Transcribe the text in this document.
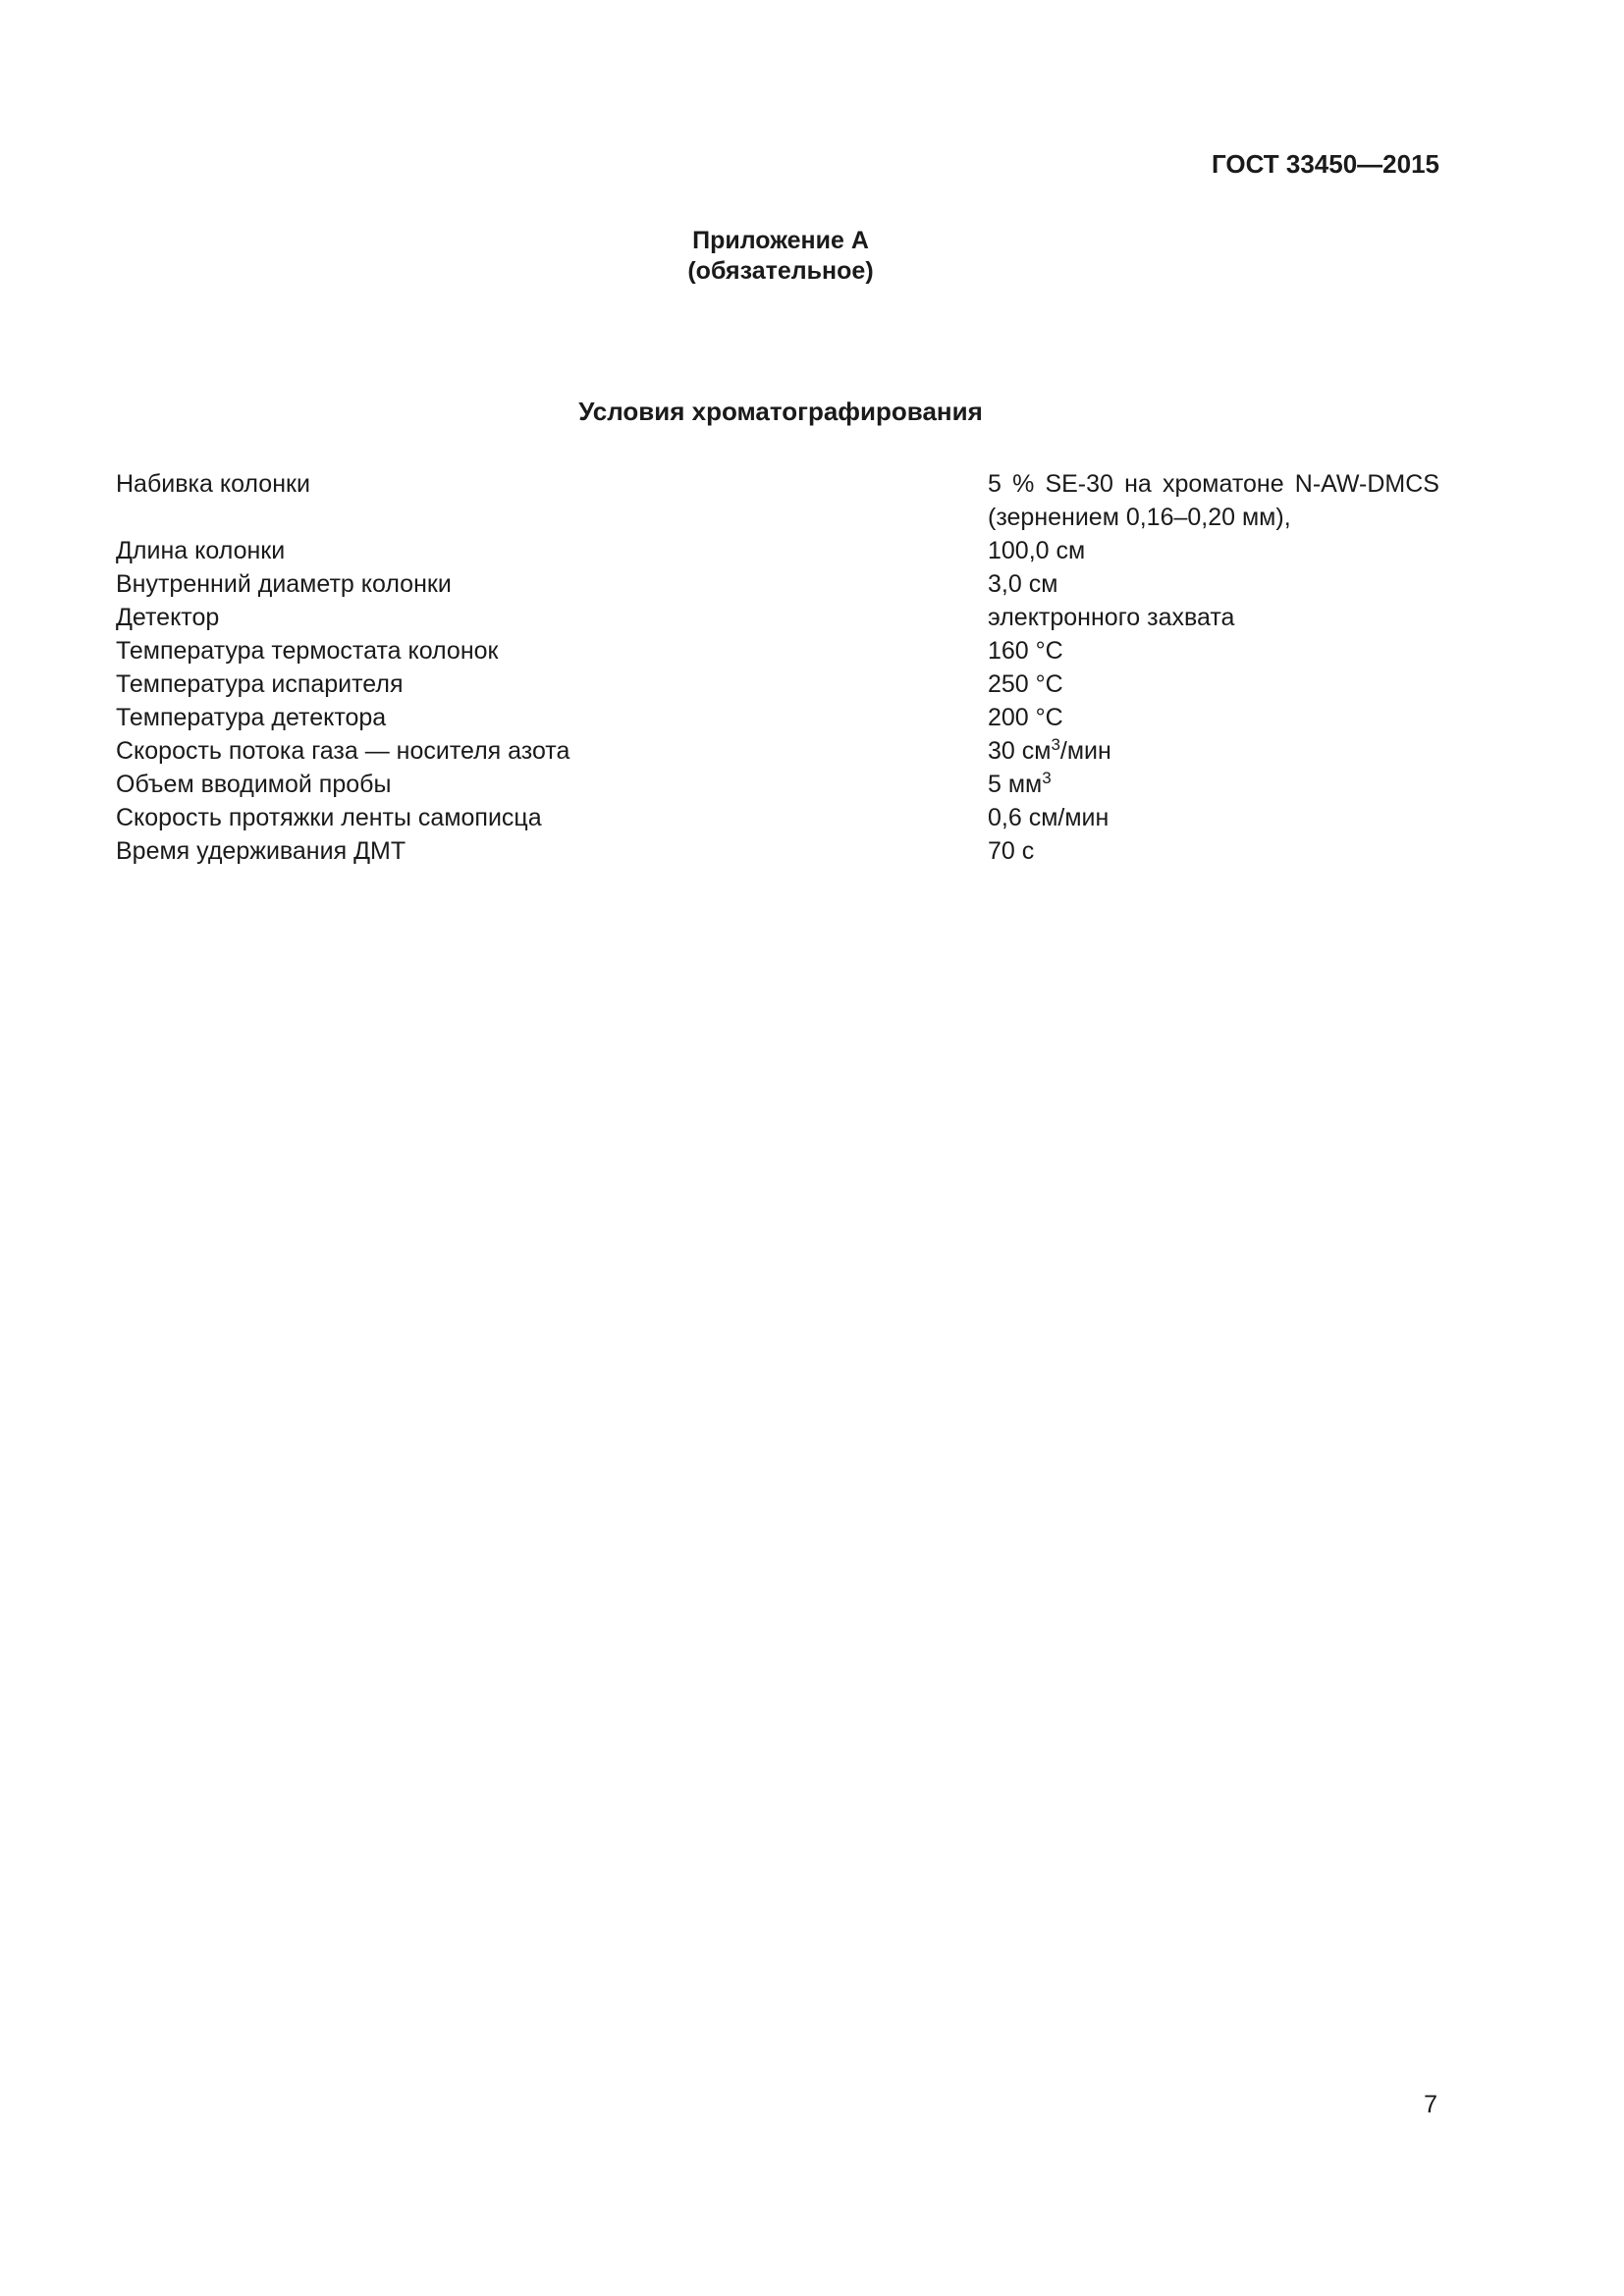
ГОСТ 33450—2015
Приложение А
(обязательное)
Условия хроматографирования
Набивка колонки	5 % SE-30 на хроматоне N-AW-DMCS (зернением 0,16–0,20 мм),
Длина колонки	100,0 см
Внутренний диаметр колонки	3,0 см
Детектор	электронного захвата
Температура термостата колонок	160 °С
Температура испарителя	250 °С
Температура детектора	200 °С
Скорость потока газа — носителя азота	30 $см^3$/мин
Объем вводимой пробы	5 $мм^3$
Скорость протяжки ленты самописца	0,6 см/мин
Время удерживания ДМТ	70 с
7
